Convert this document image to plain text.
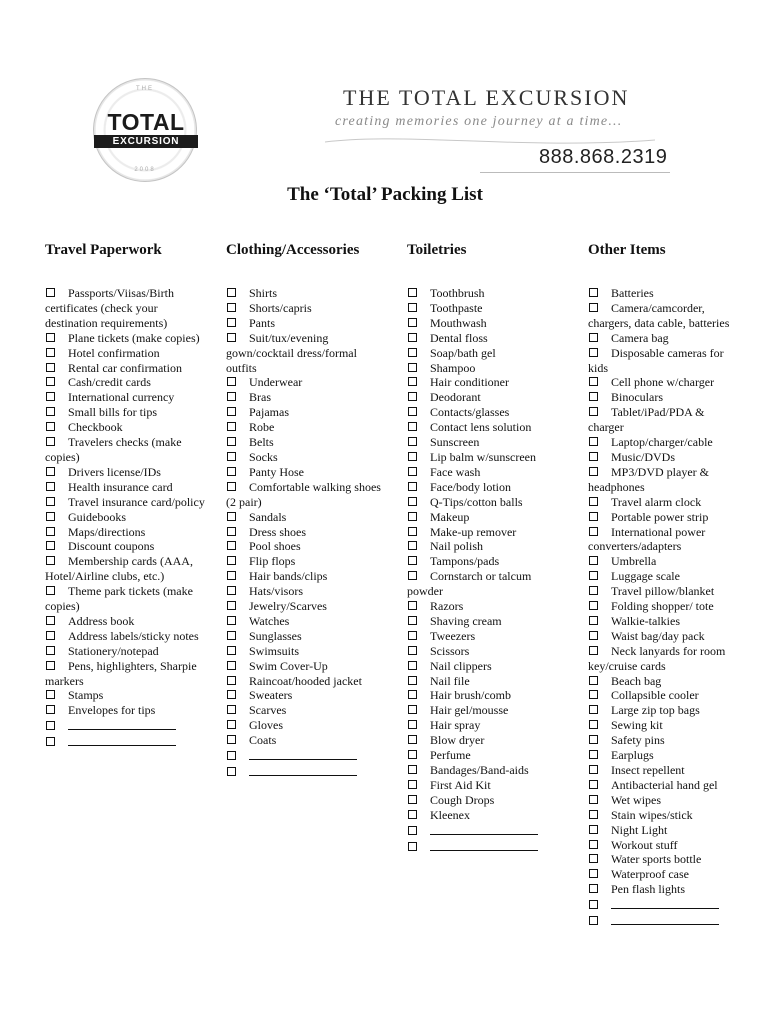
THE
TOTAL
EXCURSION
2008
THE TOTAL EXCURSION
creating memories one journey at a time...
888.868.2319
The ‘Total’ Packing List
Travel Paperwork
Passports/Viisas/Birth certificates (check your destination requirements)
Plane tickets (make copies)
Hotel confirmation
Rental car confirmation
Cash/credit cards
International currency
Small bills for tips
Checkbook
Travelers checks (make copies)
Drivers license/IDs
Health insurance card
Travel insurance card/policy
Guidebooks
Maps/directions
Discount coupons
Membership cards (AAA, Hotel/Airline clubs, etc.)
Theme park tickets (make copies)
Address book
Address labels/sticky notes
Stationery/notepad
Pens, highlighters, Sharpie markers
Stamps
Envelopes for tips
Clothing/Accessories
Shirts
Shorts/capris
Pants
Suit/tux/evening gown/cocktail dress/formal outfits
Underwear
Bras
Pajamas
Robe
Belts
Socks
Panty Hose
Comfortable walking shoes (2 pair)
Sandals
Dress shoes
Pool shoes
Flip flops
Hair bands/clips
Hats/visors
Jewelry/Scarves
Watches
Sunglasses
Swimsuits
Swim Cover-Up
Raincoat/hooded jacket
Sweaters
Scarves
Gloves
Coats
Toiletries
Toothbrush
Toothpaste
Mouthwash
Dental floss
Soap/bath gel
Shampoo
Hair conditioner
Deodorant
Contacts/glasses
Contact lens solution
Sunscreen
Lip balm w/sunscreen
Face wash
Face/body lotion
Q-Tips/cotton balls
Makeup
Make-up remover
Nail polish
Tampons/pads
Cornstarch or talcum powder
Razors
Shaving cream
Tweezers
Scissors
Nail clippers
Nail file
Hair brush/comb
Hair gel/mousse
Hair spray
Blow dryer
Perfume
Bandages/Band-aids
First Aid Kit
Cough Drops
Kleenex
Other Items
Batteries
Camera/camcorder, chargers, data cable, batteries
Camera bag
Disposable cameras for kids
Cell phone w/charger
Binoculars
Tablet/iPad/PDA & charger
Laptop/charger/cable
Music/DVDs
MP3/DVD player & headphones
Travel alarm clock
Portable power strip
International power converters/adapters
Umbrella
Luggage scale
Travel pillow/blanket
Folding shopper/ tote
Walkie-talkies
Waist bag/day pack
Neck lanyards for room key/cruise cards
Beach bag
Collapsible cooler
Large zip top bags
Sewing kit
Safety pins
Earplugs
Insect repellent
Antibacterial hand gel
Wet wipes
Stain wipes/stick
Night Light
Workout stuff
Water sports bottle
Waterproof case
Pen flash lights
